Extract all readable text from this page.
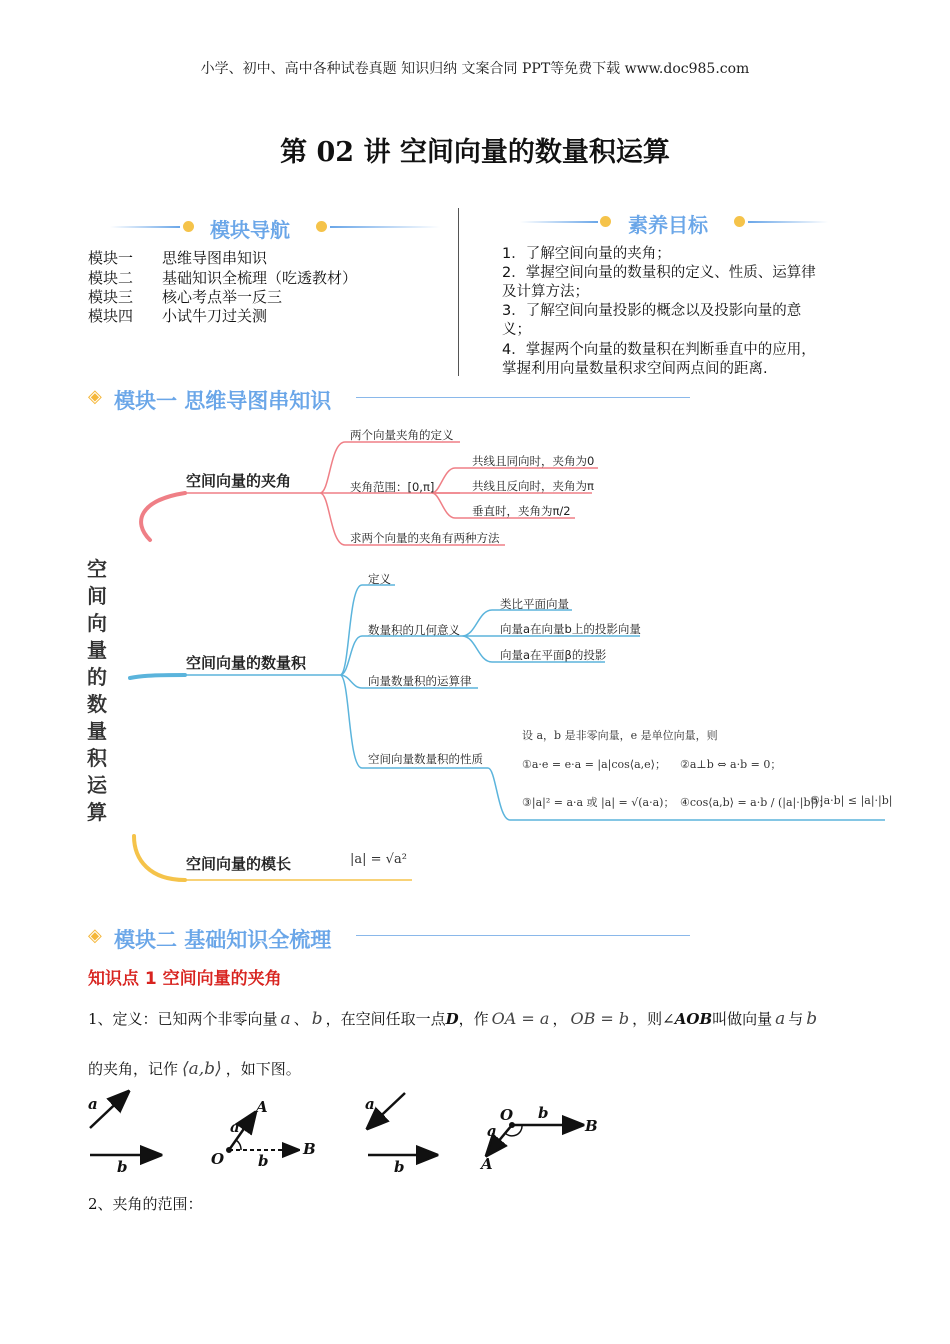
小学、初中、高中各种试卷真题 知识归纳 文案合同 PPT等免费下载 www.doc985.com
第 02 讲 空间向量的数量积运算
模块导航
模块一 思维导图串知识
模块二 基础知识全梳理（吃透教材）
模块三 核心考点举一反三
模块四 小试牛刀过关测
素养目标
1．了解空间向量的夹角；
2．掌握空间向量的数量积的定义、性质、运算律
及计算方法；
3．了解空间向量投影的概念以及投影向量的意
义；
4．掌握两个向量的数量积在判断垂直中的应用，
掌握利用向量数量积求空间两点间的距离.
◈ 模块一 思维导图串知识
空间向量的数量积运算
空间向量的夹角
两个向量夹角的定义
夹角范围：[0,π]
求两个向量的夹角有两种方法
共线且同向时，夹角为0
共线且反向时，夹角为π
垂直时，夹角为π/2
空间向量的数量积
定义
数量积的几何意义
向量数量积的运算律
空间向量数量积的性质
类比平面向量
向量a在向量b上的投影向量
向量a在平面β的投影
设 a，b 是非零向量，e 是单位向量，则
①a·e = e·a = |a|cos⟨a,e⟩； ②a⊥b ⇔ a·b = 0；
③|a|² = a·a 或 |a| = √(a·a)； ④cos⟨a,b⟩ = a·b / (|a|·|b|)；
⑤|a·b| ≤ |a|·|b|
空间向量的模长	|a| = √a²
◈ 模块二 基础知识全梳理
知识点 1 空间向量的夹角
1、定义：已知两个非零向量 a 、 b ，在空间任取一点D，作 OA = a ， OB = b ，则∠AOB叫做向量 a 与 b
的夹角，记作 ⟨a,b⟩ ，如下图。
a
b
a
A
O b
B
a
b
O b
B
a
A
2、夹角的范围：
